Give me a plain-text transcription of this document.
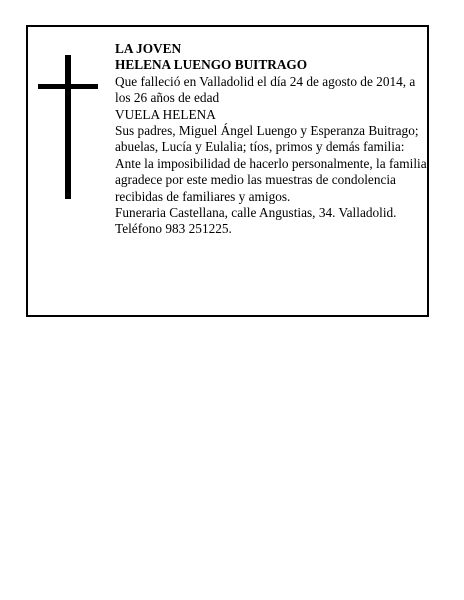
LA JOVEN

HELENA LUENGO BUITRAGO

Que falleció en Valladolid el día 24 de agosto de 2014, a los 26 años de edad

VUELA HELENA

Sus padres, Miguel Ángel Luengo y Esperanza Buitrago; abuelas, Lucía y Eulalia; tíos, primos y demás familia:

Ante la imposibilidad de hacerlo personalmente, la familia agradece por este medio las muestras de condolencia recibidas de familiares y amigos.

Funeraria Castellana, calle Angustias, 34. Valladolid.

Teléfono 983 251225.
